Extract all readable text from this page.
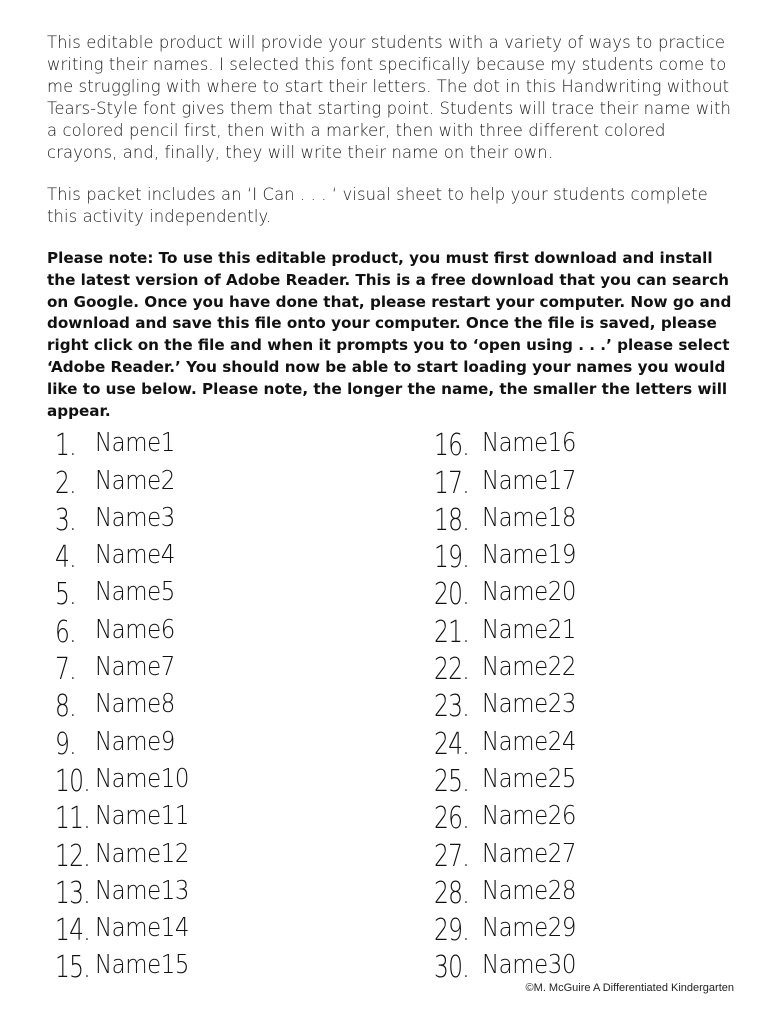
This editable product will provide your students with a variety of ways to practice writing their names. I selected this font specifically because my students come to me struggling with where to start their letters. The dot in this Handwriting without Tears-Style font gives them that starting point. Students will trace their name with a colored pencil first, then with a marker, then with three different colored crayons, and, finally, they will write their name on their own.
This packet includes an ‘I Can . . . ‘ visual sheet to help your students complete this activity independently.
Please note: To use this editable product, you must first download and install the latest version of Adobe Reader. This is a free download that you can search on Google. Once you have done that, please restart your computer. Now go and download and save this file onto your computer. Once the file is saved, please right click on the file and when it prompts you to ‘open using . . .’ please select ‘Adobe Reader.’ You should now be able to start loading your names you would like to use below. Please note, the longer the name, the smaller the letters will appear.
1. Name1
2. Name2
3. Name3
4. Name4
5. Name5
6. Name6
7. Name7
8. Name8
9. Name9
10. Name10
11. Name11
12. Name12
13. Name13
14. Name14
15. Name15
16. Name16
17. Name17
18. Name18
19. Name19
20. Name20
21. Name21
22. Name22
23. Name23
24. Name24
25. Name25
26. Name26
27. Name27
28. Name28
29. Name29
30. Name30
©M. McGuire A Differentiated Kindergarten
